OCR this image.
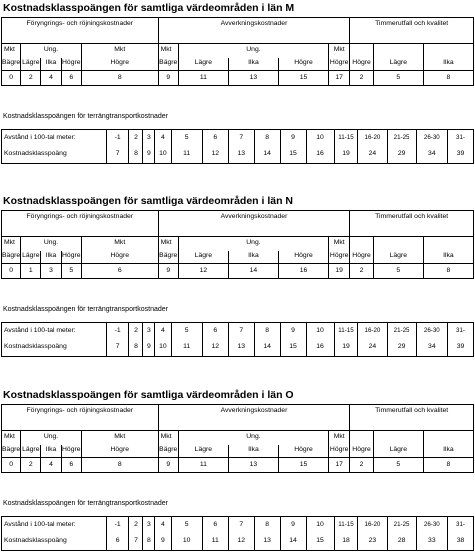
Kostnadsklasspoängen för samtliga värdeområden i län M
Föryngrings- och röjningskostnader					Avverkningskostnader					Timmerutfall och kvalitet		
Mkt	Ung.			Mkt	Mkt	Ung.			Mkt			
Bägre	Lägre	Ilka	Högre	Högre	Bägre	Lägre	Ilka	Högre	Högre	Högre	Lägre	Ilka
0	2	4	6	8	9	11	13	15	17	2	5	8
Kostnadsklasspoängen för terrängtransportkostnader
Avstånd i 100-tal meter:	-1	2	3	4	5	6	7	8	9	10	11-15	16-20	21-25	26-30	31-
Kostnadsklasspoäng	7	8	9	10	11	12	13	14	15	16	19	24	29	34	39
Kostnadsklasspoängen för samtliga värdeområden i län N
Föryngrings- och röjningskostnader					Avverkningskostnader					Timmerutfall och kvalitet		
Mkt	Ung.			Mkt	Mkt	Ung.			Mkt			
Bägre	Lägre	Ilka	Högre	Högre	Bägre	Lägre	Ilka	Högre	Högre	Högre	Lägre	Ilka
0	1	3	5	6	9	12	14	16	19	2	5	8
Kostnadsklasspoängen för terrängtransportkostnader
Avstånd i 100-tal meter:	-1	2	3	4	5	6	7	8	9	10	11-15	16-20	21-25	26-30	31-
Kostnadsklasspoäng	7	8	9	10	11	12	13	14	15	16	19	24	29	34	39
Kostnadsklasspoängen för samtliga värdeområden i län O
Föryngrings- och röjningskostnader					Avverkningskostnader					Timmerutfall och kvalitet		
Mkt	Ung.			Mkt	Mkt	Ung.			Mkt			
Bägre	Lägre	Ilka	Högre	Högre	Bägre	Lägre	Ilka	Högre	Högre	Högre	Lägre	Ilka
0	2	4	6	8	9	11	13	15	17	2	5	8
Kostnadsklasspoängen för terrängtransportkostnader
Avstånd i 100-tal meter:	-1	2	3	4	5	6	7	8	9	10	11-15	16-20	21-25	26-30	31-
Kostnadsklasspoäng	6	7	8	9	10	11	12	13	14	15	18	23	28	33	38
